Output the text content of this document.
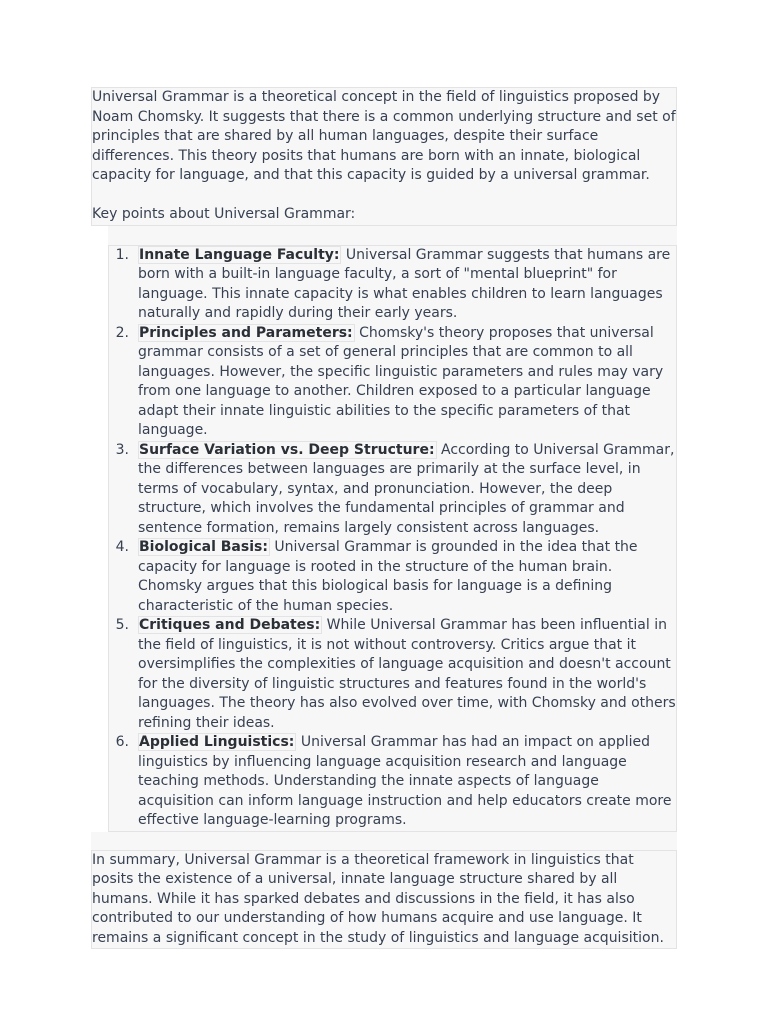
Universal Grammar is a theoretical concept in the field of linguistics proposed by Noam Chomsky. It suggests that there is a common underlying structure and set of principles that are shared by all human languages, despite their surface differences. This theory posits that humans are born with an innate, biological capacity for language, and that this capacity is guided by a universal grammar.

Key points about Universal Grammar:

1. Innate Language Faculty: Universal Grammar suggests that humans are born with a built-in language faculty, a sort of "mental blueprint" for language. This innate capacity is what enables children to learn languages naturally and rapidly during their early years.
2. Principles and Parameters: Chomsky's theory proposes that universal grammar consists of a set of general principles that are common to all languages. However, the specific linguistic parameters and rules may vary from one language to another. Children exposed to a particular language adapt their innate linguistic abilities to the specific parameters of that language.
3. Surface Variation vs. Deep Structure: According to Universal Grammar, the differences between languages are primarily at the surface level, in terms of vocabulary, syntax, and pronunciation. However, the deep structure, which involves the fundamental principles of grammar and sentence formation, remains largely consistent across languages.
4. Biological Basis: Universal Grammar is grounded in the idea that the capacity for language is rooted in the structure of the human brain. Chomsky argues that this biological basis for language is a defining characteristic of the human species.
5. Critiques and Debates: While Universal Grammar has been influential in the field of linguistics, it is not without controversy. Critics argue that it oversimplifies the complexities of language acquisition and doesn't account for the diversity of linguistic structures and features found in the world's languages. The theory has also evolved over time, with Chomsky and others refining their ideas.
6. Applied Linguistics: Universal Grammar has had an impact on applied linguistics by influencing language acquisition research and language teaching methods. Understanding the innate aspects of language acquisition can inform language instruction and help educators create more effective language-learning programs.

In summary, Universal Grammar is a theoretical framework in linguistics that posits the existence of a universal, innate language structure shared by all humans. While it has sparked debates and discussions in the field, it has also contributed to our understanding of how humans acquire and use language. It remains a significant concept in the study of linguistics and language acquisition.
